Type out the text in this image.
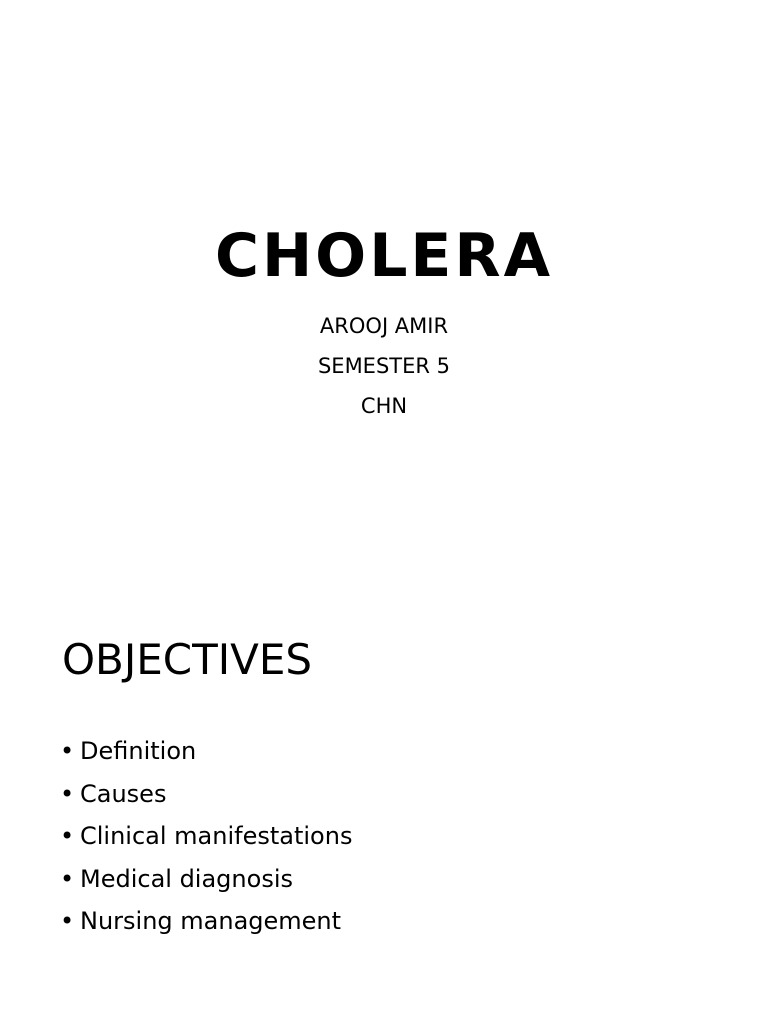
CHOLERA
AROOJ AMIR
SEMESTER 5
CHN
OBJECTIVES
• Definition
• Causes
• Clinical manifestations
• Medical diagnosis
• Nursing management
